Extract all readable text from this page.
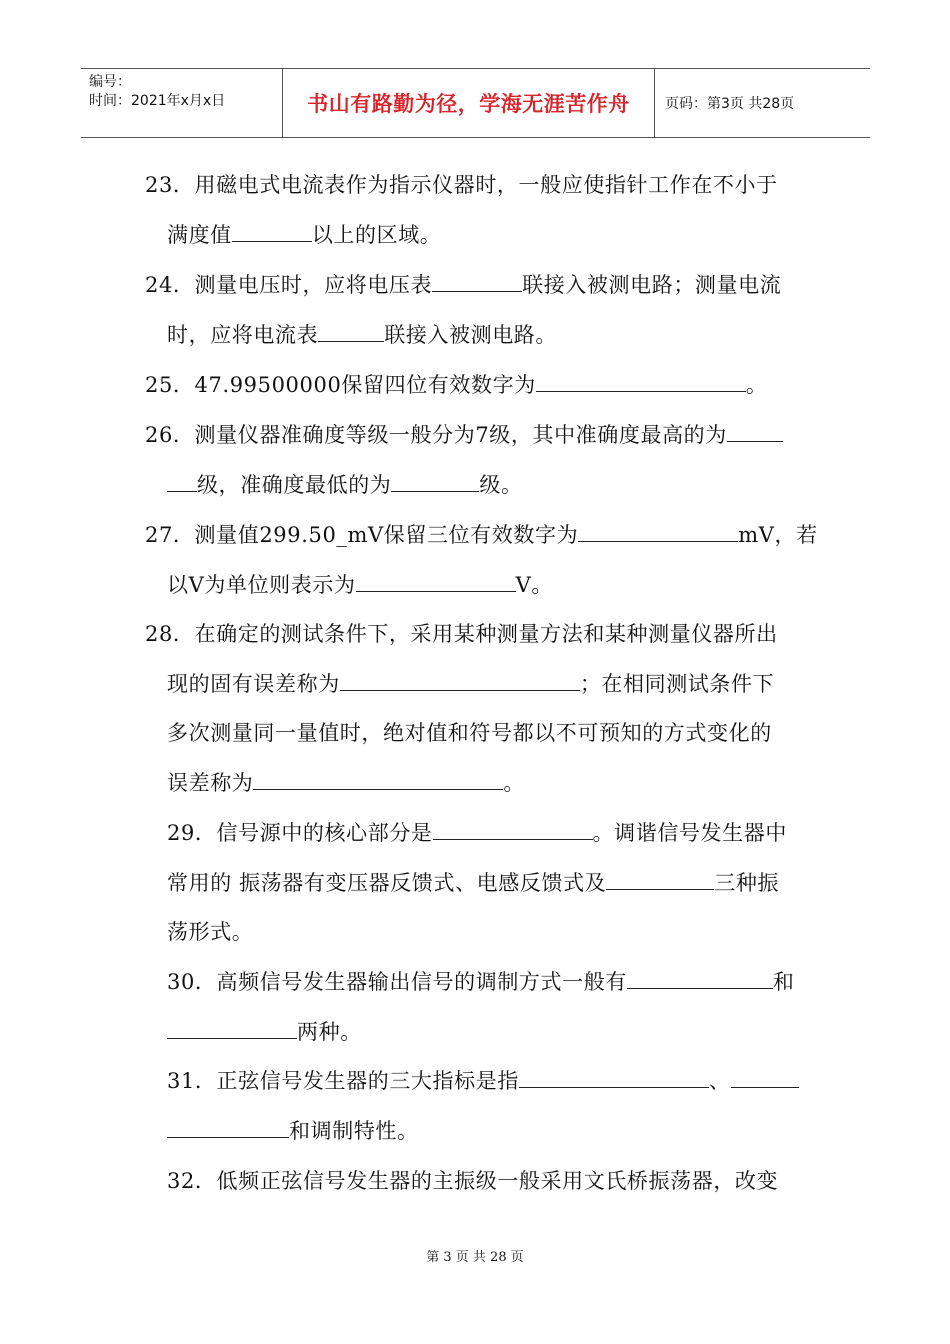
编号：
时间：2021年x月x日	书山有路勤为径，学海无涯苦作舟	页码：第3页 共28页
23．用磁电式电流表作为指示仪器时，一般应使指针工作在不小于
满度值	以上的区域。
24．测量电压时，应将电压表	联接入被测电路；测量电流
时，应将电流表	联接入被测电路。
25．47.99500000保留四位有效数字为	。
26．测量仪器准确度等级一般分为7级，其中准确度最高的为
级，准确度最低的为	级。
27．测量值299.50_mV保留三位有效数字为	mV，若
以V为单位则表示为	V。
28．在确定的测试条件下，采用某种测量方法和某种测量仪器所出
现的固有误差称为	；在相同测试条件下
多次测量同一量值时，绝对值和符号都以不可预知的方式变化的
误差称为	。
29．信号源中的核心部分是	。调谐信号发生器中
常用的 振荡器有变压器反馈式、电感反馈式及	三种振
荡形式。
30．高频信号发生器输出信号的调制方式一般有	和
两种。
31．正弦信号发生器的三大指标是指	、
和调制特性。
32．低频正弦信号发生器的主振级一般采用文氏桥振荡器，改变
第 3 页 共 28 页
